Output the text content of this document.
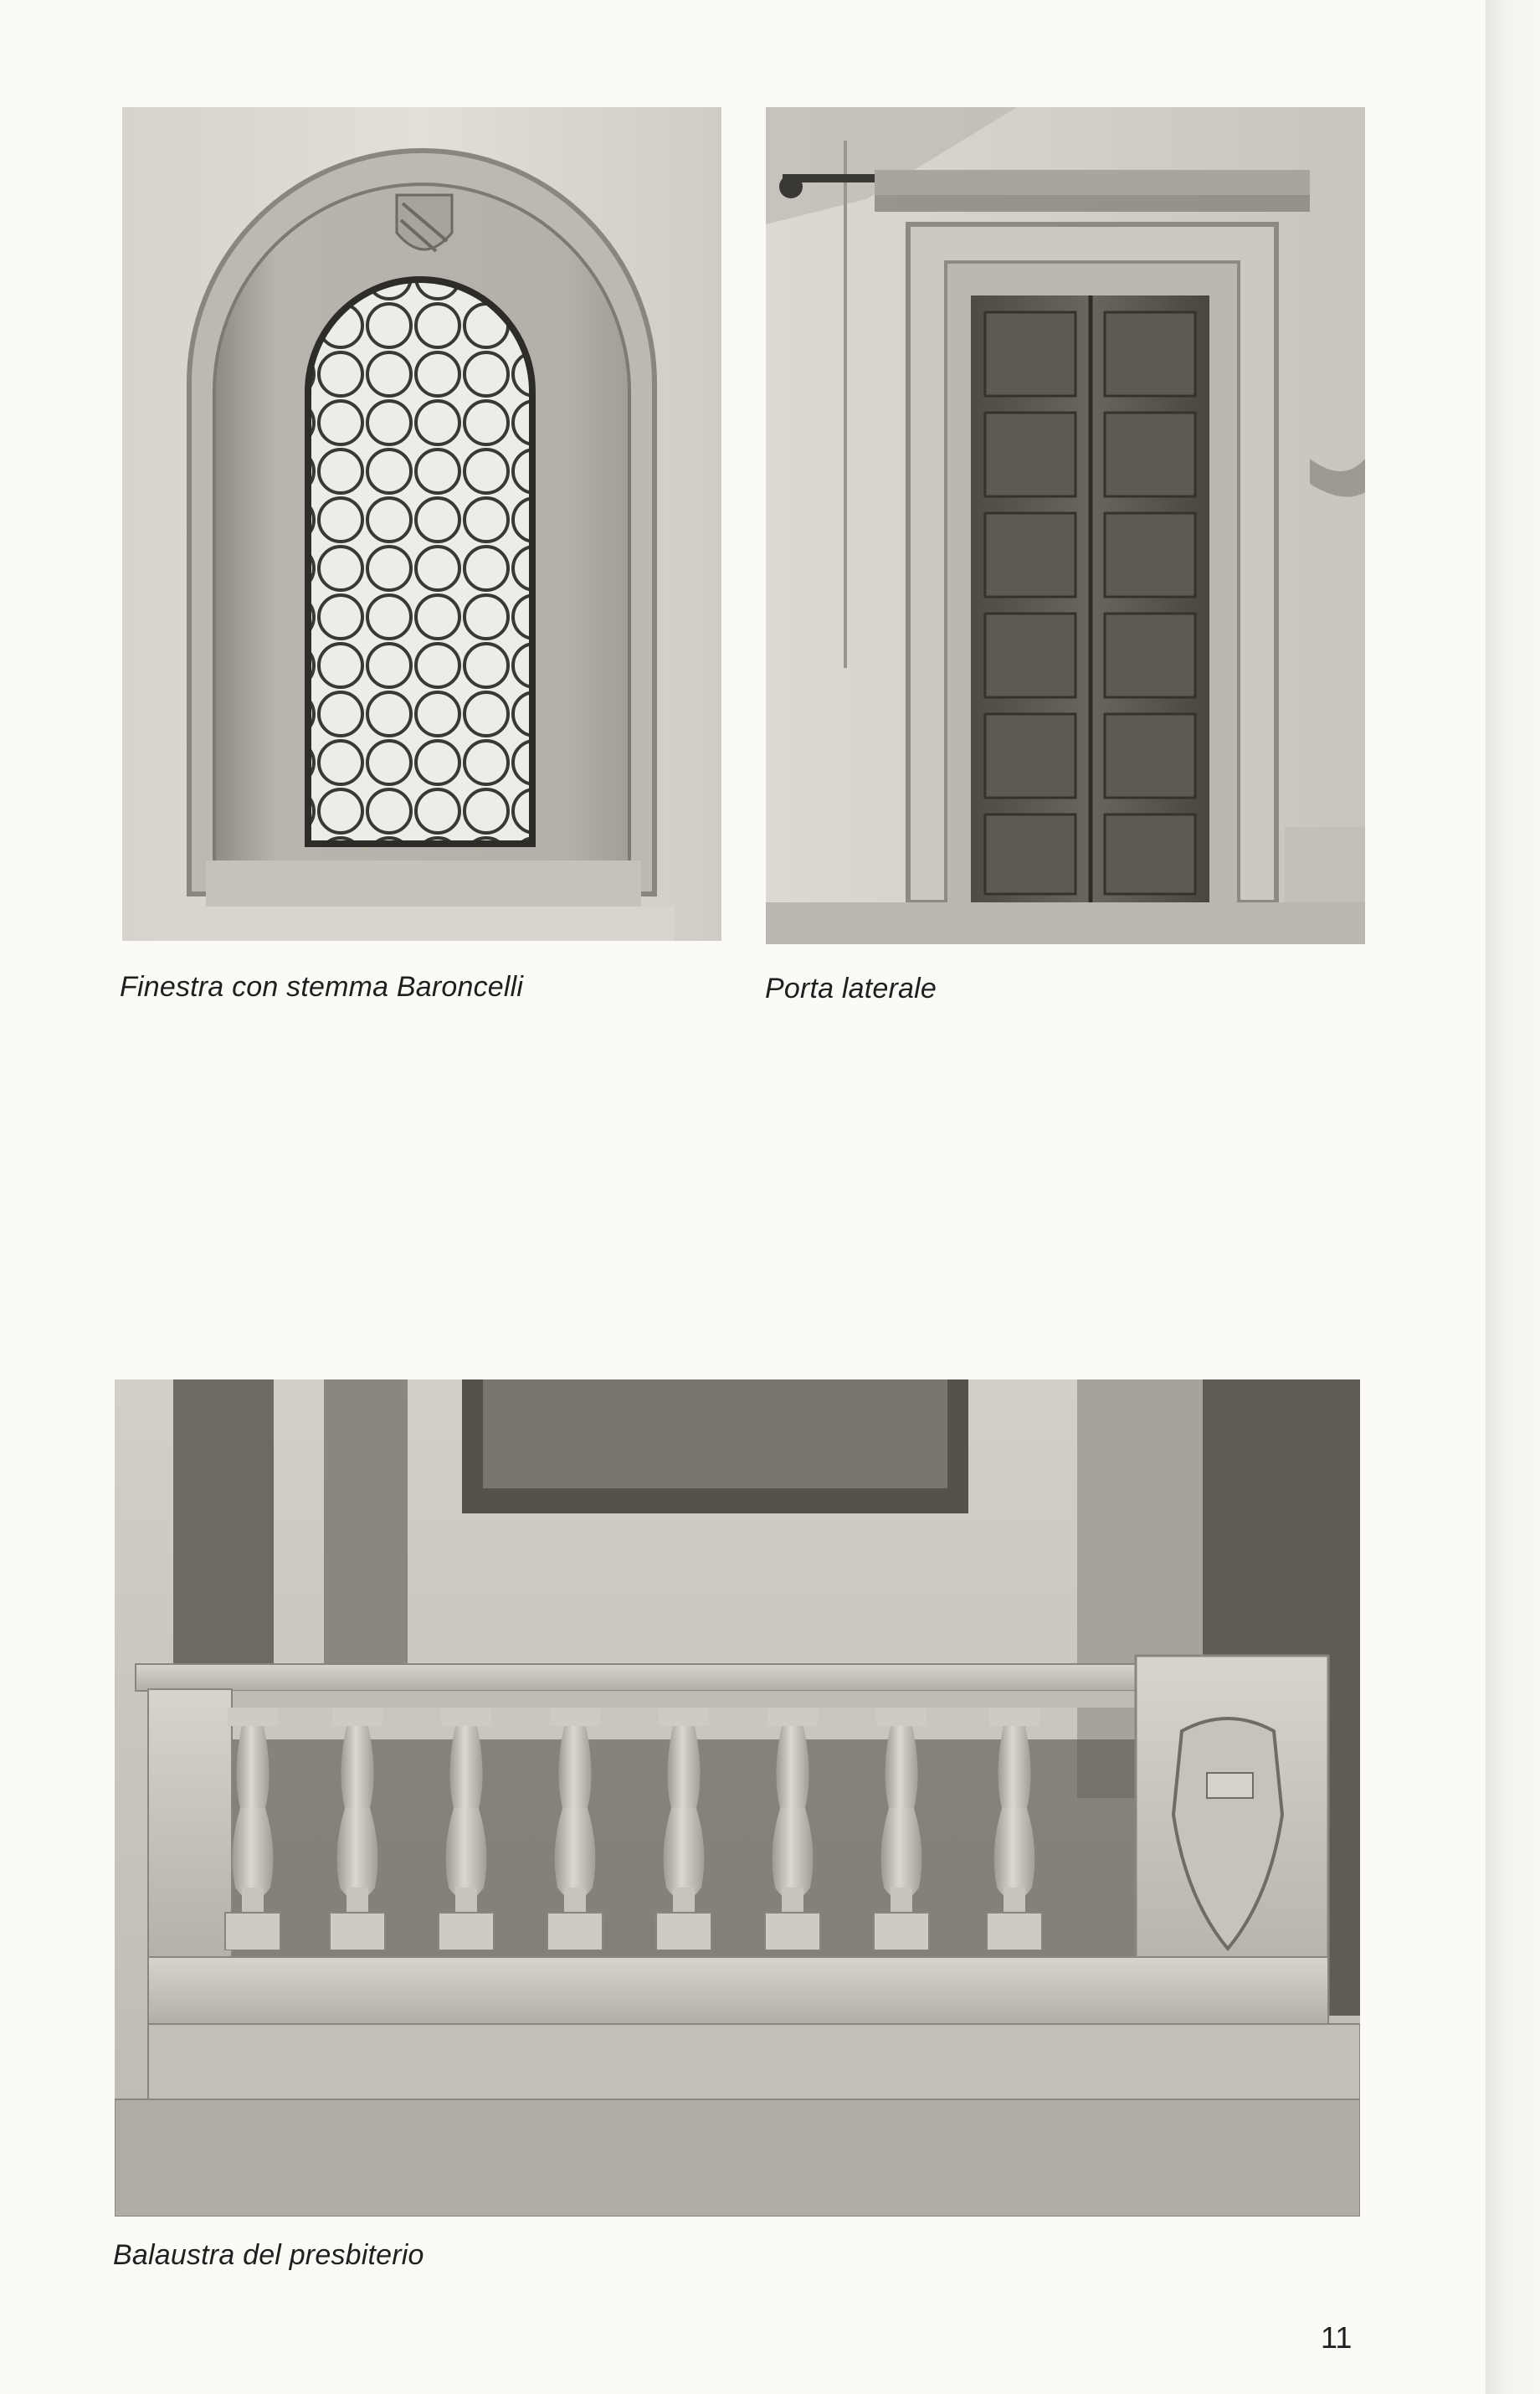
Finestra con stemma Baroncelli	Porta laterale
Balaustra del presbiterio
11
